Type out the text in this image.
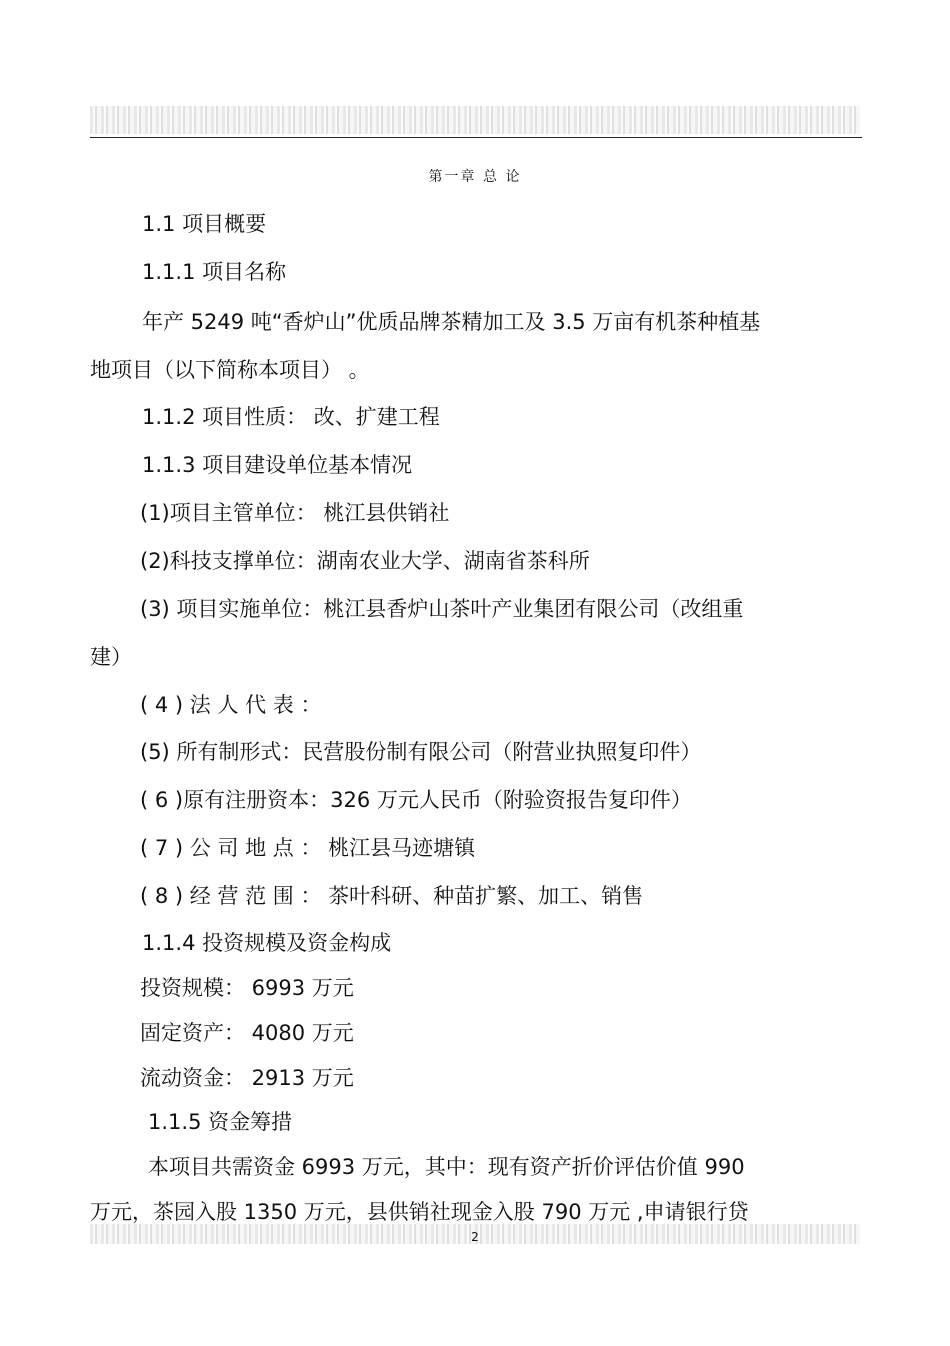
第一章 总 论
1.1 项目概要
1.1.1 项目名称
年产 5249 吨“香炉山”优质品牌茶精加工及 3.5 万亩有机茶种植基
地项目（以下简称本项目） 。
1.1.2 项目性质： 改、扩建工程
1.1.3 项目建设单位基本情况
(1)项目主管单位： 桃江县供销社
(2)科技支撑单位：湖南农业大学、湖南省茶科所
(3) 项目实施单位：桃江县香炉山茶叶产业集团有限公司（改组重
建）
( 4 ) 法 人 代 表 ：
(5) 所有制形式：民营股份制有限公司（附营业执照复印件）
( 6 )原有注册资本：326 万元人民币（附验资报告复印件）
( 7 ) 公 司 地 点 ： 桃江县马迹塘镇
( 8 ) 经 营 范 围 ： 茶叶科研、种苗扩繁、加工、销售
1.1.4 投资规模及资金构成
投资规模： 6993 万元
固定资产： 4080 万元
流动资金： 2913 万元
1.1.5 资金筹措
本项目共需资金 6993 万元，其中：现有资产折价评估价值 990
万元，茶园入股 1350 万元，县供销社现金入股 790 万元 ,申请银行贷
2
